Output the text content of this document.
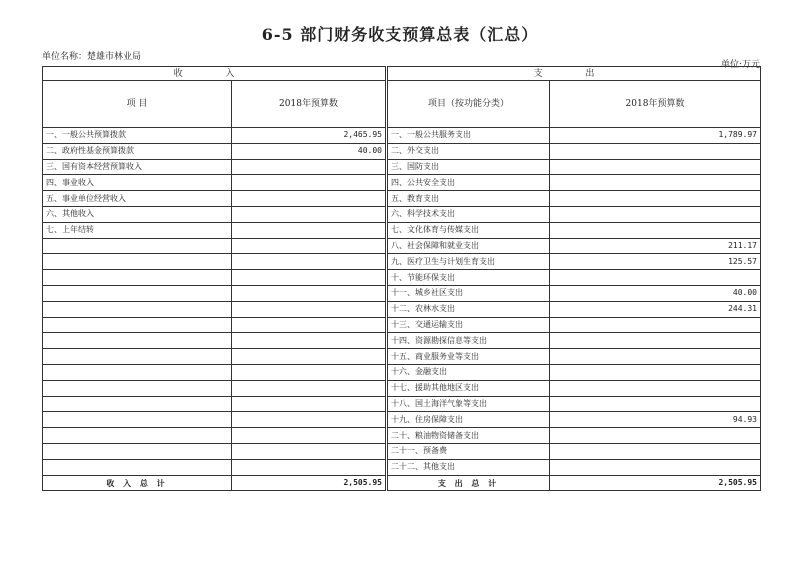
6-5 部门财务收支预算总表（汇总）
单位名称：楚雄市林业局
单位:万元
收 入		支 出	
项 目	2018年预算数	项目（按功能分类）	2018年预算数
一、一般公共预算拨款	2,465.95	一、一般公共服务支出	1,789.97
二、政府性基金预算拨款	40.00	二、外交支出	
三、国有资本经营预算收入		三、国防支出	
四、事业收入		四、公共安全支出	
五、事业单位经营收入		五、教育支出	
六、其他收入		六、科学技术支出	
七、上年结转		七、文化体育与传媒支出	
		八、社会保障和就业支出	211.17
		九、医疗卫生与计划生育支出	125.57
		十、节能环保支出	
		十一、城乡社区支出	40.00
		十二、农林水支出	244.31
		十三、交通运输支出	
		十四、资源勘探信息等支出	
		十五、商业服务业等支出	
		十六、金融支出	
		十七、援助其他地区支出	
		十八、国土海洋气象等支出	
		十九、住房保障支出	94.93
		二十、粮油物资储备支出	
		二十一、预备费	
		二十二、其他支出	
收 入 总 计	2,505.95	支 出 总 计	2,505.95
